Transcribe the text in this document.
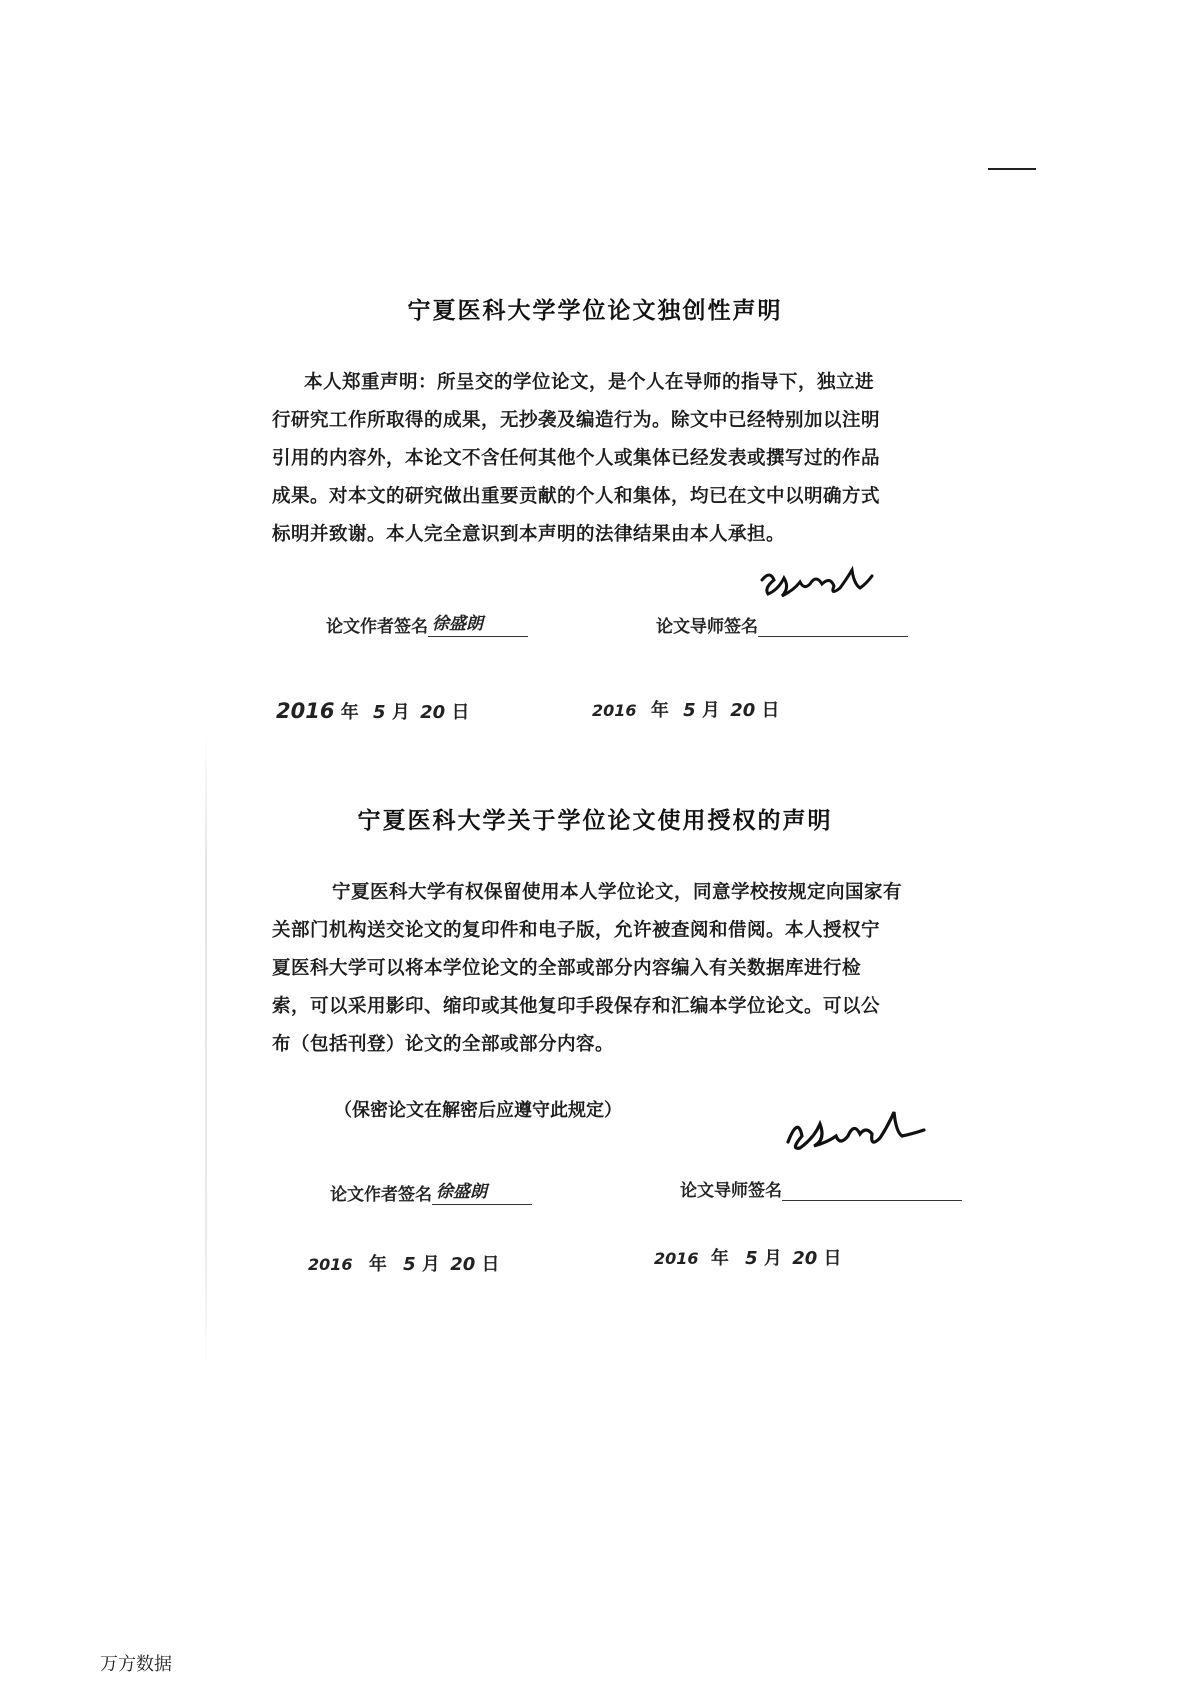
宁夏医科大学学位论文独创性声明
本人郑重声明：所呈交的学位论文，是个人在导师的指导下，独立进
行研究工作所取得的成果，无抄袭及编造行为。除文中已经特别加以注明
引用的内容外，本论文不含任何其他个人或集体已经发表或撰写过的作品
成果。对本文的研究做出重要贡献的个人和集体，均已在文中以明确方式
标明并致谢。本人完全意识到本声明的法律结果由本人承担。
论文作者签名 徐盛朗	论文导师签名
2016 年 5 月 20 日	2016 年 5 月 20 日
宁夏医科大学关于学位论文使用授权的声明
宁夏医科大学有权保留使用本人学位论文，同意学校按规定向国家有
关部门机构送交论文的复印件和电子版，允许被查阅和借阅。本人授权宁
夏医科大学可以将本学位论文的全部或部分内容编入有关数据库进行检
索，可以采用影印、缩印或其他复印手段保存和汇编本学位论文。可以公
布（包括刊登）论文的全部或部分内容。
（保密论文在解密后应遵守此规定）
论文作者签名 徐盛朗	论文导师签名
2016 年 5 月 20 日	2016 年 5 月 20 日
万方数据
